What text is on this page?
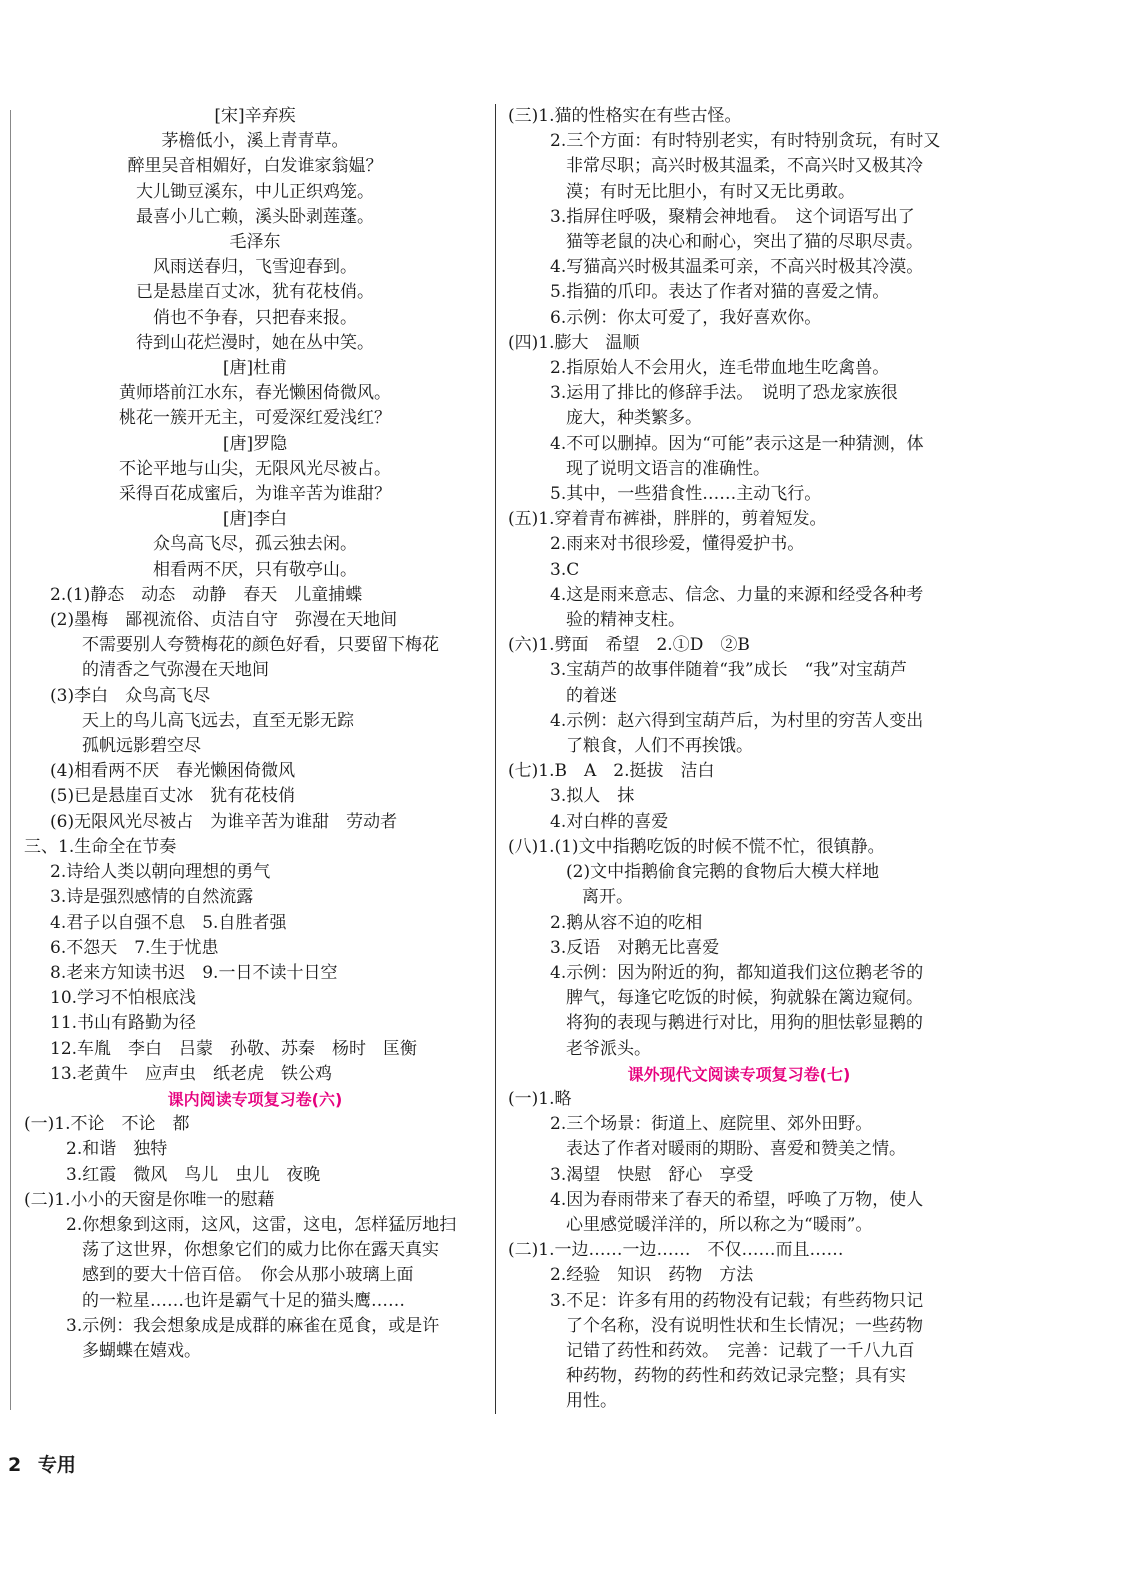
[宋]辛弃疾
茅檐低小，溪上青青草。
醉里吴音相媚好，白发谁家翁媪？
大儿锄豆溪东，中儿正织鸡笼。
最喜小儿亡赖，溪头卧剥莲蓬。
毛泽东
风雨送春归，飞雪迎春到。
已是悬崖百丈冰，犹有花枝俏。
俏也不争春，只把春来报。
待到山花烂漫时，她在丛中笑。
[唐]杜甫
黄师塔前江水东，春光懒困倚微风。
桃花一簇开无主，可爱深红爱浅红？
[唐]罗隐
不论平地与山尖，无限风光尽被占。
采得百花成蜜后，为谁辛苦为谁甜？
[唐]李白
众鸟高飞尽，孤云独去闲。
相看两不厌，只有敬亭山。
2.(1)静态　动态　动静　春天　儿童捕蝶
(2)墨梅　鄙视流俗、贞洁自守　弥漫在天地间
不需要别人夸赞梅花的颜色好看，只要留下梅花
的清香之气弥漫在天地间
(3)李白　众鸟高飞尽
天上的鸟儿高飞远去，直至无影无踪
孤帆远影碧空尽
(4)相看两不厌　春光懒困倚微风
(5)已是悬崖百丈冰　犹有花枝俏
(6)无限风光尽被占　为谁辛苦为谁甜　劳动者
三、1.生命全在节奏
2.诗给人类以朝向理想的勇气
3.诗是强烈感情的自然流露
4.君子以自强不息　5.自胜者强
6.不怨天　7.生于忧患
8.老来方知读书迟　9.一日不读十日空
10.学习不怕根底浅
11.书山有路勤为径
12.车胤　李白　吕蒙　孙敬、苏秦　杨时　匡衡
13.老黄牛　应声虫　纸老虎　铁公鸡
课内阅读专项复习卷(六)
(一)1.不论　不论　都
2.和谐　独特
3.红霞　微风　鸟儿　虫儿　夜晚
(二)1.小小的天窗是你唯一的慰藉
2.你想象到这雨，这风，这雷，这电，怎样猛厉地扫
荡了这世界，你想象它们的威力比你在露天真实
感到的要大十倍百倍。　你会从那小玻璃上面
的一粒星……也许是霸气十足的猫头鹰……
3.示例：我会想象成是成群的麻雀在觅食，或是许
多蝴蝶在嬉戏。
(三)1.猫的性格实在有些古怪。
2.三个方面：有时特别老实，有时特别贪玩，有时又
非常尽职；高兴时极其温柔，不高兴时又极其冷
漠；有时无比胆小，有时又无比勇敢。
3.指屏住呼吸，聚精会神地看。　这个词语写出了
猫等老鼠的决心和耐心，突出了猫的尽职尽责。
4.写猫高兴时极其温柔可亲，不高兴时极其冷漠。
5.指猫的爪印。表达了作者对猫的喜爱之情。
6.示例：你太可爱了，我好喜欢你。
(四)1.膨大　温顺
2.指原始人不会用火，连毛带血地生吃禽兽。
3.运用了排比的修辞手法。　说明了恐龙家族很
庞大，种类繁多。
4.不可以删掉。因为“可能”表示这是一种猜测，体
现了说明文语言的准确性。
5.其中，一些猎食性……主动飞行。
(五)1.穿着青布裤褂，胖胖的，剪着短发。
2.雨来对书很珍爱，懂得爱护书。
3.C
4.这是雨来意志、信念、力量的来源和经受各种考
验的精神支柱。
(六)1.劈面　希望　2.①D　②B
3.宝葫芦的故事伴随着“我”成长　“我”对宝葫芦
的着迷
4.示例：赵六得到宝葫芦后，为村里的穷苦人变出
了粮食，人们不再挨饿。
(七)1.B　A　2.挺拔　洁白
3.拟人　抹
4.对白桦的喜爱
(八)1.(1)文中指鹅吃饭的时候不慌不忙，很镇静。
(2)文中指鹅偷食完鹅的食物后大模大样地
离开。
2.鹅从容不迫的吃相
3.反语　对鹅无比喜爱
4.示例：因为附近的狗，都知道我们这位鹅老爷的
脾气，每逢它吃饭的时候，狗就躲在篱边窥伺。
将狗的表现与鹅进行对比，用狗的胆怯彰显鹅的
老爷派头。
课外现代文阅读专项复习卷(七)
(一)1.略
2.三个场景：街道上、庭院里、郊外田野。
表达了作者对暖雨的期盼、喜爱和赞美之情。
3.渴望　快慰　舒心　享受
4.因为春雨带来了春天的希望，呼唤了万物，使人
心里感觉暖洋洋的，所以称之为“暖雨”。
(二)1.一边……一边……　不仅……而且……
2.经验　知识　药物　方法
3.不足：许多有用的药物没有记载；有些药物只记
了个名称，没有说明性状和生长情况；一些药物
记错了药性和药效。　完善：记载了一千八九百
种药物，药物的药性和药效记录完整；具有实
用性。
2 专用
